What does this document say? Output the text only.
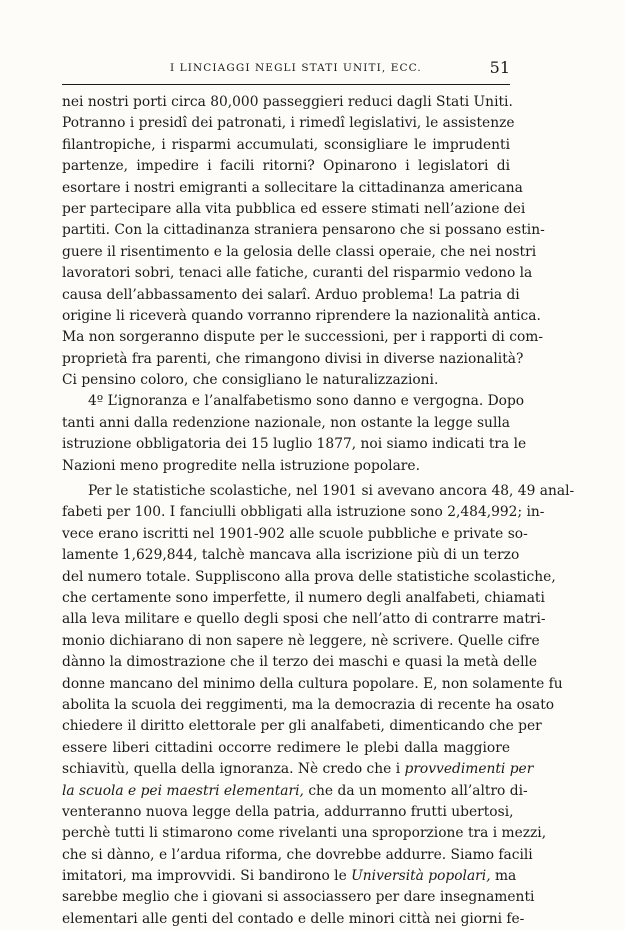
I LINCIAGGI NEGLI STATI UNITI, ECC.	51
nei nostri porti circa 80,000 passeggieri reduci dagli Stati Uniti.
Potranno i presidî dei patronati, i rimedî legislativi, le assistenze
filantropiche, i risparmi accumulati, sconsigliare le imprudenti
partenze, impedire i facili ritorni? Opinarono i legislatori di
esortare i nostri emigranti a sollecitare la cittadinanza americana
per partecipare alla vita pubblica ed essere stimati nell’azione dei
partiti. Con la cittadinanza straniera pensarono che si possano estin-
guere il risentimento e la gelosia delle classi operaie, che nei nostri
lavoratori sobri, tenaci alle fatiche, curanti del risparmio vedono la
causa dell’abbassamento dei salarî. Arduo problema! La patria di
origine li riceverà quando vorranno riprendere la nazionalità antica.
Ma non sorgeranno dispute per le successioni, per i rapporti di com-
proprietà fra parenti, che rimangono divisi in diverse nazionalità?
Ci pensino coloro, che consigliano le naturalizzazioni.
4º L’ignoranza e l’analfabetismo sono danno e vergogna. Dopo
tanti anni dalla redenzione nazionale, non ostante la legge sulla
istruzione obbligatoria dei 15 luglio 1877, noi siamo indicati tra le
Nazioni meno progredite nella istruzione popolare.
Per le statistiche scolastiche, nel 1901 si avevano ancora 48, 49 anal-
fabeti per 100. I fanciulli obbligati alla istruzione sono 2,484,992; in-
vece erano iscritti nel 1901-902 alle scuole pubbliche e private so-
lamente 1,629,844, talchè mancava alla iscrizione più di un terzo
del numero totale. Suppliscono alla prova delle statistiche scolastiche,
che certamente sono imperfette, il numero degli analfabeti, chiamati
alla leva militare e quello degli sposi che nell’atto di contrarre matri-
monio dichiarano di non sapere nè leggere, nè scrivere. Quelle cifre
dànno la dimostrazione che il terzo dei maschi e quasi la metà delle
donne mancano del minimo della cultura popolare. E, non solamente fu
abolita la scuola dei reggimenti, ma la democrazia di recente ha osato
chiedere il diritto elettorale per gli analfabeti, dimenticando che per
essere liberi cittadini occorre redimere le plebi dalla maggiore
schiavitù, quella della ignoranza. Nè credo che i provvedimenti per
la scuola e pei maestri elementari, che da un momento all’altro di-
venteranno nuova legge della patria, addurranno frutti ubertosi,
perchè tutti li stimarono come rivelanti una sproporzione tra i mezzi,
che si dànno, e l’ardua riforma, che dovrebbe addurre. Siamo facili
imitatori, ma improvvidi. Si bandirono le Università popolari, ma
sarebbe meglio che i giovani si associassero per dare insegnamenti
elementari alle genti del contado e delle minori città nei giorni fe-
